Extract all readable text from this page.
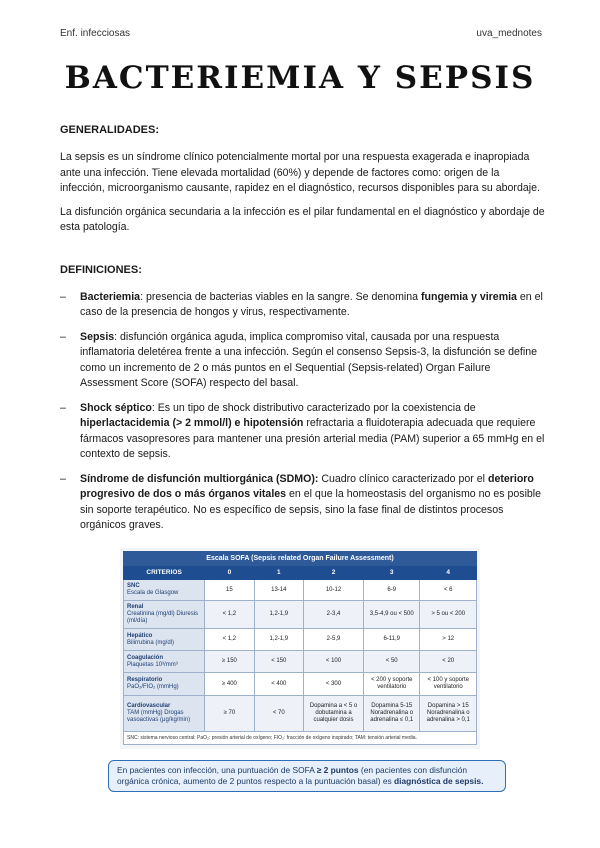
Enf. infecciosas	uva_mednotes
BACTERIEMIA Y SEPSIS
GENERALIDADES:

La sepsis es un síndrome clínico potencialmente mortal por una respuesta exagerada e inapropiada ante una infección. Tiene elevada mortalidad (60%) y depende de factores como: origen de la infección, microorganismo causante, rapidez en el diagnóstico, recursos disponibles para su abordaje.

La disfunción orgánica secundaria a la infección es el pilar fundamental en el diagnóstico y abordaje de esta patología.

DEFINICIONES:
– Bacteriemia: presencia de bacterias viables en la sangre. Se denomina fungemia y viremia en el caso de la presencia de hongos y virus, respectivamente.
– Sepsis: disfunción orgánica aguda, implica compromiso vital, causada por una respuesta inflamatoria deletérea frente a una infección. Según el consenso Sepsis-3, la disfunción se define como un incremento de 2 o más puntos en el Sequential (Sepsis-related) Organ Failure Assessment Score (SOFA) respecto del basal.
– Shock séptico: Es un tipo de shock distributivo caracterizado por la coexistencia de hiperlactacidemia (> 2 mmol/l) e hipotensión refractaria a fluidoterapia adecuada que requiere fármacos vasopresores para mantener una presión arterial media (PAM) superior a 65 mmHg en el contexto de sepsis.
– Síndrome de disfunción multiorgánica (SDMO): Cuadro clínico caracterizado por el deterioro progresivo de dos o más órganos vitales en el que la homeostasis del organismo no es posible sin soporte terapéutico. No es específico de sepsis, sino la fase final de distintos procesos orgánicos graves.
Escala SOFA (Sepsis related Organ Failure Assessment)					
CRITERIOS	0	1	2	3	4

SNC
Escala de Glasgow	15	13-14	10-12	6-9	< 6

Renal
Creatinina (mg/dl) Diuresis (ml/día)	< 1,2	1,2-1,9	2-3,4	3,5-4,9 ou < 500	> 5 ou < 200

Hepático
Bilirrubina (mg/dl)	< 1,2	1,2-1,9	2-5,9	6-11,9	> 12

Coagulación
Plaquetas 10³/mm³	≥ 150	< 150	< 100	< 50	< 20

Respiratorio
PaO₂/FIO₂ (mmHg)	≥ 400	< 400	< 300	< 200 y soporte ventilatorio	< 100 y soporte ventilatorio

Cardiovascular
TAM (mmHg) Drogas vasoactivas (μg/kg/min)	≥ 70	< 70	Dopamina a < 5 o dobutamina a cualquier dosis	Dopamina 5-15 Noradrenalina o adrenalina ≤ 0,1	Dopamina > 15 Noradrenalina o adrenalina > 0,1
SNC: sistema nervioso central; PaO₂: presión arterial de oxígeno; FIO₂: fracción de oxígeno inspirado; TAM: tensión arterial media.
En pacientes con infección, una puntuación de SOFA ≥ 2 puntos (en pacientes con disfunción orgánica crónica, aumento de 2 puntos respecto a la puntuación basal) es diagnóstica de sepsis.
